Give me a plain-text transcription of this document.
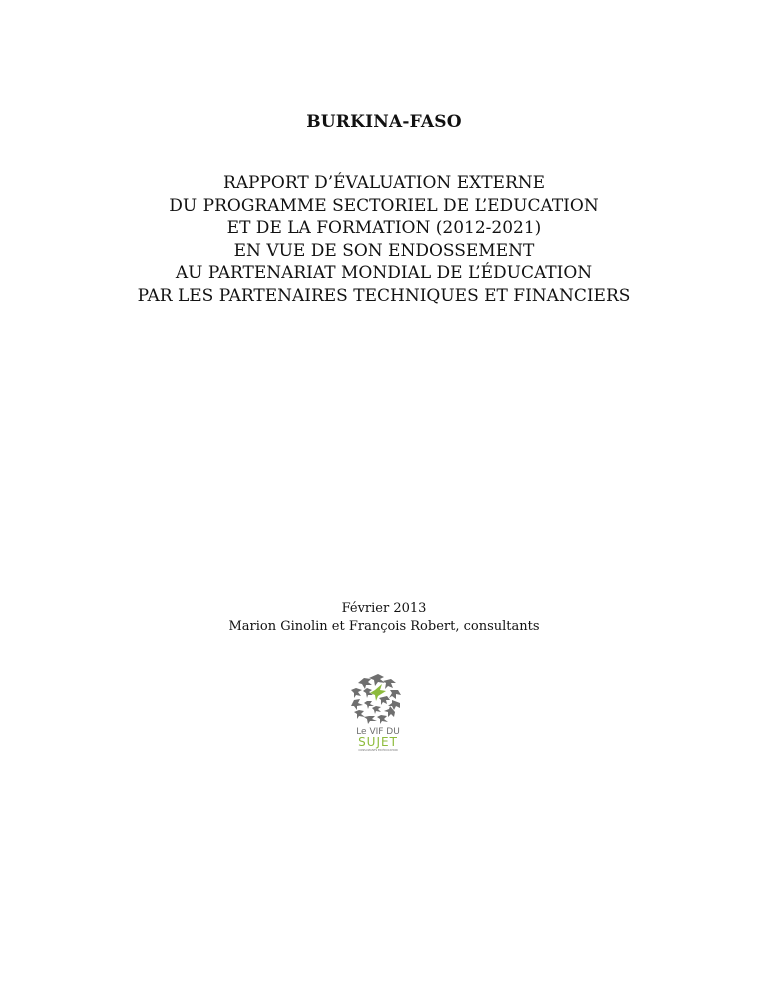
BURKINA-FASO
RAPPORT D’ÉVALUATION EXTERNE
DU PROGRAMME SECTORIEL DE L’EDUCATION
ET DE LA FORMATION (2012-2021)
EN VUE DE SON ENDOSSEMENT
AU PARTENARIAT MONDIAL DE L’ÉDUCATION
PAR LES PARTENAIRES TECHNIQUES ET FINANCIERS
Février 2013
Marion Ginolin et François Robert, consultants
Le VIF DU
SUJET
CONSULTANTS EN ÉDUCATION
